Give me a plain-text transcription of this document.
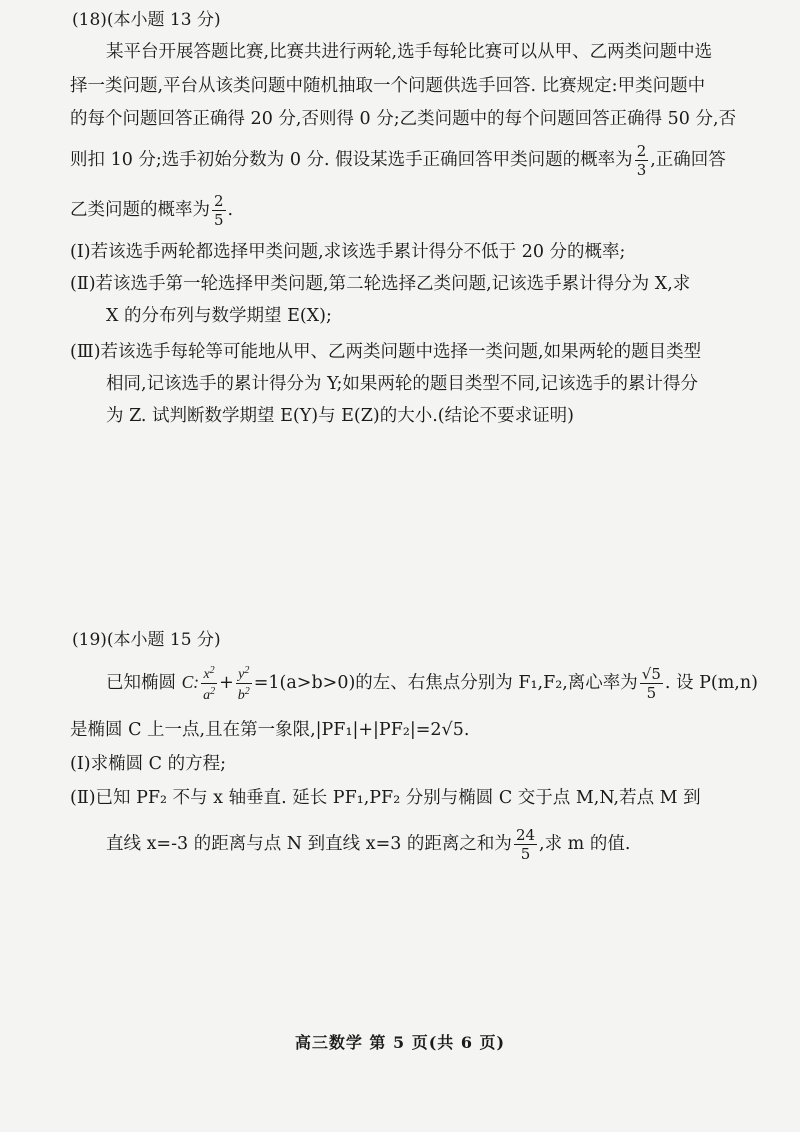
(18)(本小题 13 分)
某平台开展答题比赛,比赛共进行两轮,选手每轮比赛可以从甲、乙两类问题中选
择一类问题,平台从该类问题中随机抽取一个问题供选手回答. 比赛规定:甲类问题中
的每个问题回答正确得 20 分,否则得 0 分;乙类问题中的每个问题回答正确得 50 分,否
则扣 10 分;选手初始分数为 0 分. 假设某选手正确回答甲类问题的概率为 $\frac{2}{3}$ ,正确回答
乙类问题的概率为 $\frac{2}{5}$ .
(Ⅰ)若该选手两轮都选择甲类问题,求该选手累计得分不低于 20 分的概率;
(Ⅱ)若该选手第一轮选择甲类问题,第二轮选择乙类问题,记该选手累计得分为 X,求
X 的分布列与数学期望 E(X);
(Ⅲ)若该选手每轮等可能地从甲、乙两类问题中选择一类问题,如果两轮的题目类型
相同,记该选手的累计得分为 Y;如果两轮的题目类型不同,记该选手的累计得分
为 Z. 试判断数学期望 E(Y)与 E(Z)的大小.(结论不要求证明)
(19)(本小题 15 分)
已知椭圆 C: $\frac{x^2}{a^2} + \frac{y^2}{b^2} =1(a>b>0)$的左、右焦点分别为 F₁,F₂,离心率为 $\frac{√5}{5}$ . 设 P(m,n)
是椭圆 C 上一点,且在第一象限,|PF₁|+|PF₂|=2√5.
(Ⅰ)求椭圆 C 的方程;
(Ⅱ)已知 PF₂ 不与 x 轴垂直. 延长 PF₁,PF₂ 分别与椭圆 C 交于点 M,N,若点 M 到
直线 x=-3 的距离与点 N 到直线 x=3 的距离之和为 $\frac{24}{5}$ ,求 m 的值.
高三数学 第 5 页(共 6 页)
